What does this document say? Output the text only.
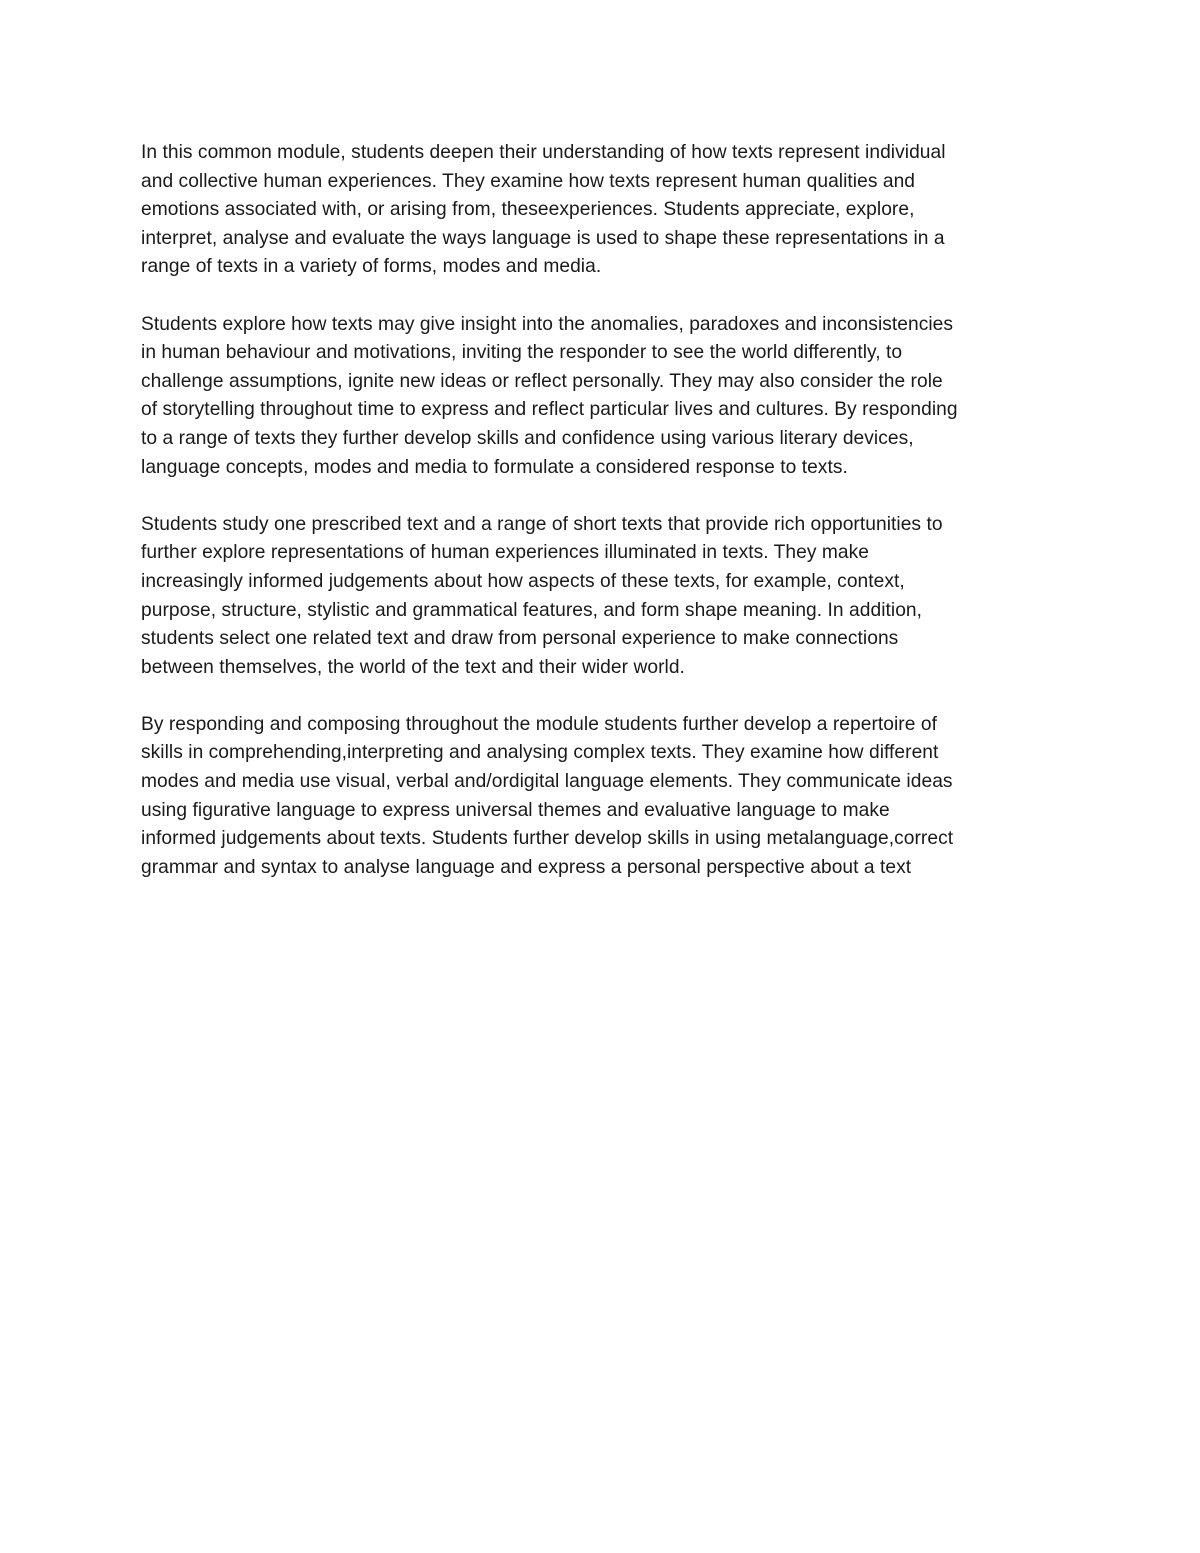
In this common module, students deepen their understanding of how texts represent individual
and collective human experiences. They examine how texts represent human qualities and
emotions associated with, or arising from, theseexperiences. Students appreciate, explore,
interpret, analyse and evaluate the ways language is used to shape these representations in a
range of texts in a variety of forms, modes and media.

Students explore how texts may give insight into the anomalies, paradoxes and inconsistencies
in human behaviour and motivations, inviting the responder to see the world differently, to
challenge assumptions, ignite new ideas or reflect personally. They may also consider the role
of storytelling throughout time to express and reflect particular lives and cultures. By responding
to a range of texts they further develop skills and confidence using various literary devices,
language concepts, modes and media to formulate a considered response to texts.

Students study one prescribed text and a range of short texts that provide rich opportunities to
further explore representations of human experiences illuminated in texts. They make
increasingly informed judgements about how aspects of these texts, for example, context,
purpose, structure, stylistic and grammatical features, and form shape meaning. In addition,
students select one related text and draw from personal experience to make connections
between themselves, the world of the text and their wider world.

By responding and composing throughout the module students further develop a repertoire of
skills in comprehending,interpreting and analysing complex texts. They examine how different
modes and media use visual, verbal and/ordigital language elements. They communicate ideas
using figurative language to express universal themes and evaluative language to make
informed judgements about texts. Students further develop skills in using metalanguage,correct
grammar and syntax to analyse language and express a personal perspective about a text
